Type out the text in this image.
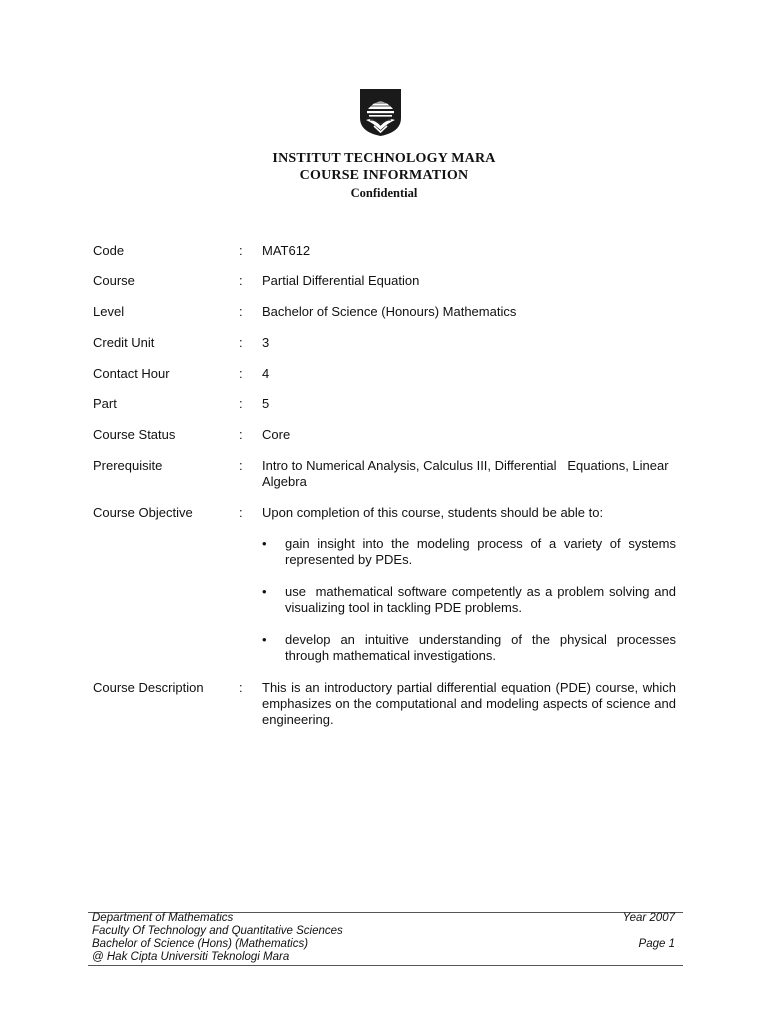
INSTITUT TECHNOLOGY MARA
COURSE INFORMATION
Confidential
Code	: MAT612
Course	: Partial Differential Equation
Level	: Bachelor of Science (Honours) Mathematics
Credit Unit	: 3
Contact Hour	: 4
Part	: 5
Course Status	: Core
Prerequisite	: Intro to Numerical Analysis, Calculus III, Differential   Equations, Linear Algebra
Course Objective	: Upon completion of this course, students should be able to:
• gain insight into the modeling process of a variety of systems represented by PDEs.
• use  mathematical software competently as a problem solving and visualizing tool in tackling PDE problems.
• develop an intuitive understanding of the physical processes through mathematical investigations.
Course Description	: This is an introductory partial differential equation (PDE) course, which emphasizes on the computational and modeling aspects of science and engineering.
Department of Mathematics	Year 2007
Faculty Of Technology and Quantitative Sciences
Bachelor of Science (Hons) (Mathematics)	Page 1
@ Hak Cipta Universiti Teknologi Mara
